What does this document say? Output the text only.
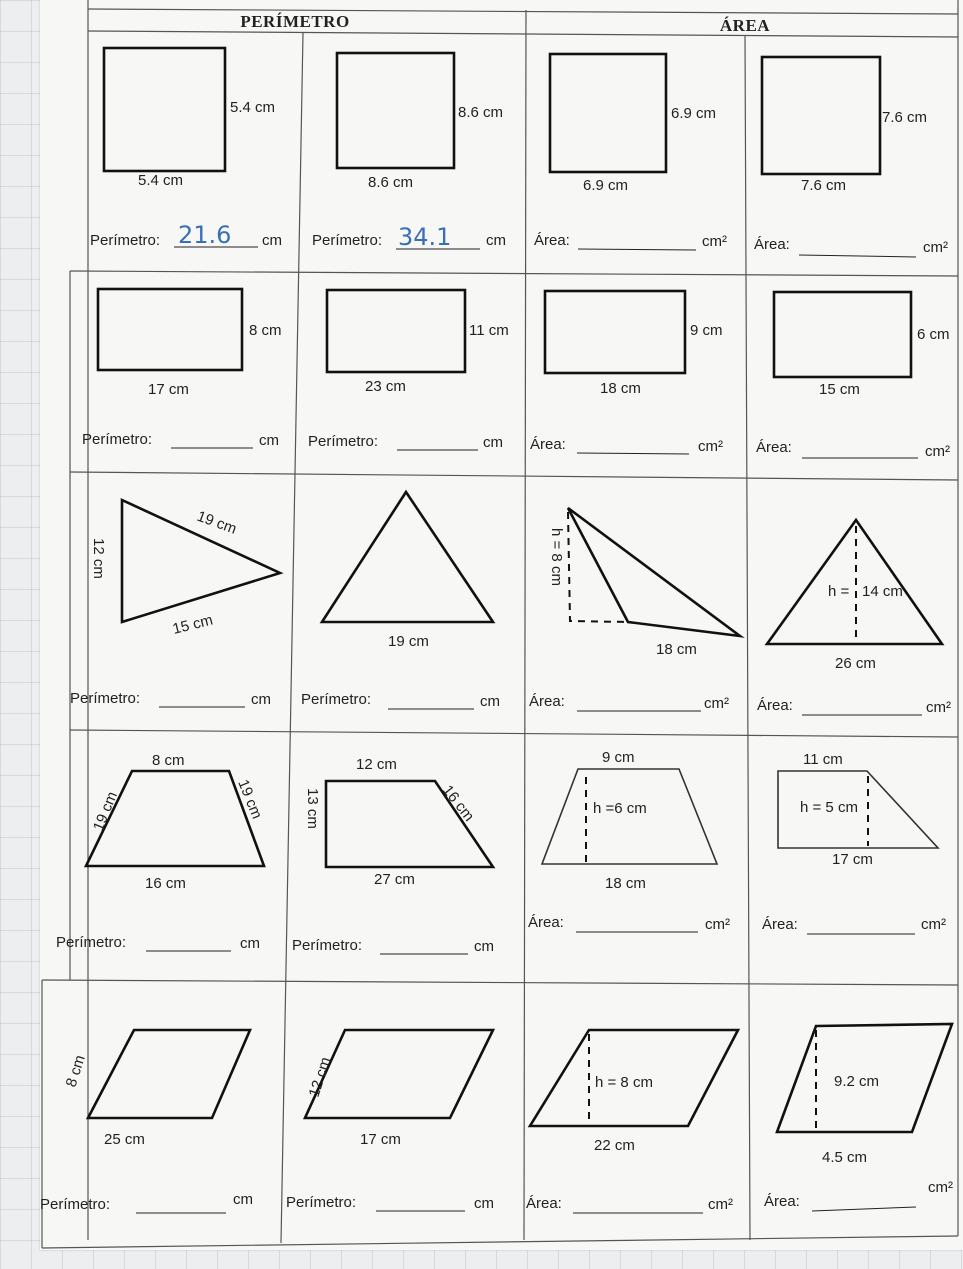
PERÍMETRO	ÁREA
5.4 cm
5.4 cm
Perímetro: 21.6 cm
8.6 cm
8.6 cm
Perímetro: 34.1 cm
6.9 cm
6.9 cm
Área:	cm²
7.6 cm
7.6 cm
Área:	cm²
8 cm
17 cm
Perímetro:	cm
11 cm
23 cm
Perímetro:	cm
9 cm
18 cm
Área:	cm²
6 cm
15 cm
Área:	cm²
19 cm
12 cm
15 cm
Perímetro:	cm
19 cm
Perímetro:	cm
h = 8 cm
18 cm
Área:	cm²
h = 14 cm
26 cm
Área:	cm²
8 cm
19 cm	19 cm
16 cm
Perímetro:	cm
12 cm
13 cm	16 cm
27 cm
Perímetro:	cm
9 cm
h =6 cm
18 cm
Área:	cm²
11 cm
h = 5 cm
17 cm
Área:	cm²
8 cm
25 cm
Perímetro:	cm
12 cm
17 cm
Perímetro:	cm
h = 8 cm
22 cm
Área:	cm²
9.2 cm
4.5 cm
Área:
cm²
